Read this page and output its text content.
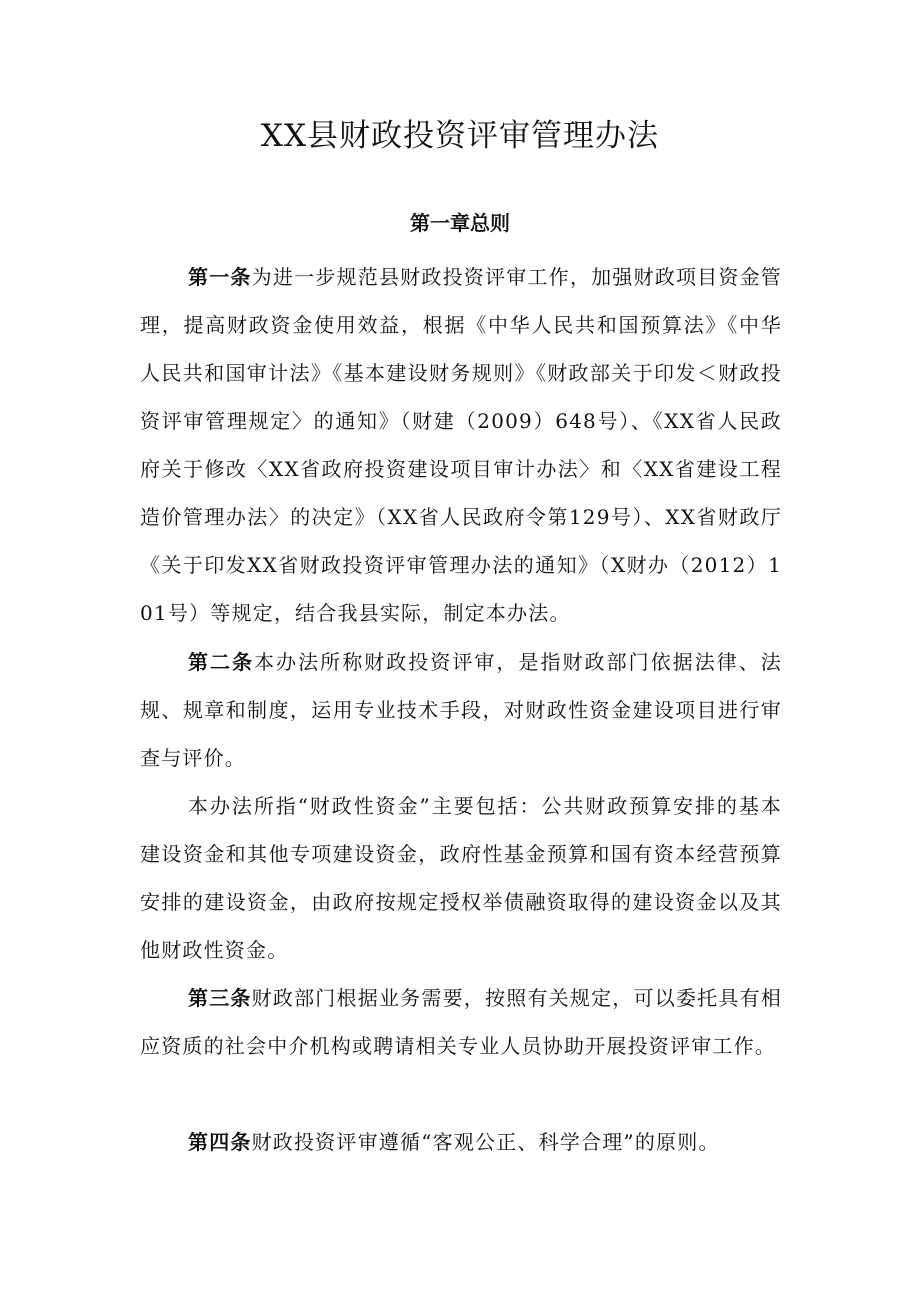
XX县财政投资评审管理办法
第一章总则

第一条为进一步规范县财政投资评审工作，加强财政项目资金管理，提高财政资金使用效益，根据《中华人民共和国预算法》《中华人民共和国审计法》《基本建设财务规则》《财政部关于印发＜财政投资评审管理规定〉的通知》（财建（2009）648号）、《XX省人民政府关于修改〈XX省政府投资建设项目审计办法〉和〈XX省建设工程造价管理办法〉的决定》（XX省人民政府令第129号）、XX省财政厅《关于印发XX省财政投资评审管理办法的通知》（X财办（2012）101号）等规定，结合我县实际，制定本办法。

第二条本办法所称财政投资评审，是指财政部门依据法律、法规、规章和制度，运用专业技术手段，对财政性资金建设项目进行审查与评价。

本办法所指“财政性资金”主要包括：公共财政预算安排的基本建设资金和其他专项建设资金，政府性基金预算和国有资本经营预算安排的建设资金，由政府按规定授权举债融资取得的建设资金以及其他财政性资金。

第三条财政部门根据业务需要，按照有关规定，可以委托具有相应资质的社会中介机构或聘请相关专业人员协助开展投资评审工作。

第四条财政投资评审遵循“客观公正、科学合理”的原则。
